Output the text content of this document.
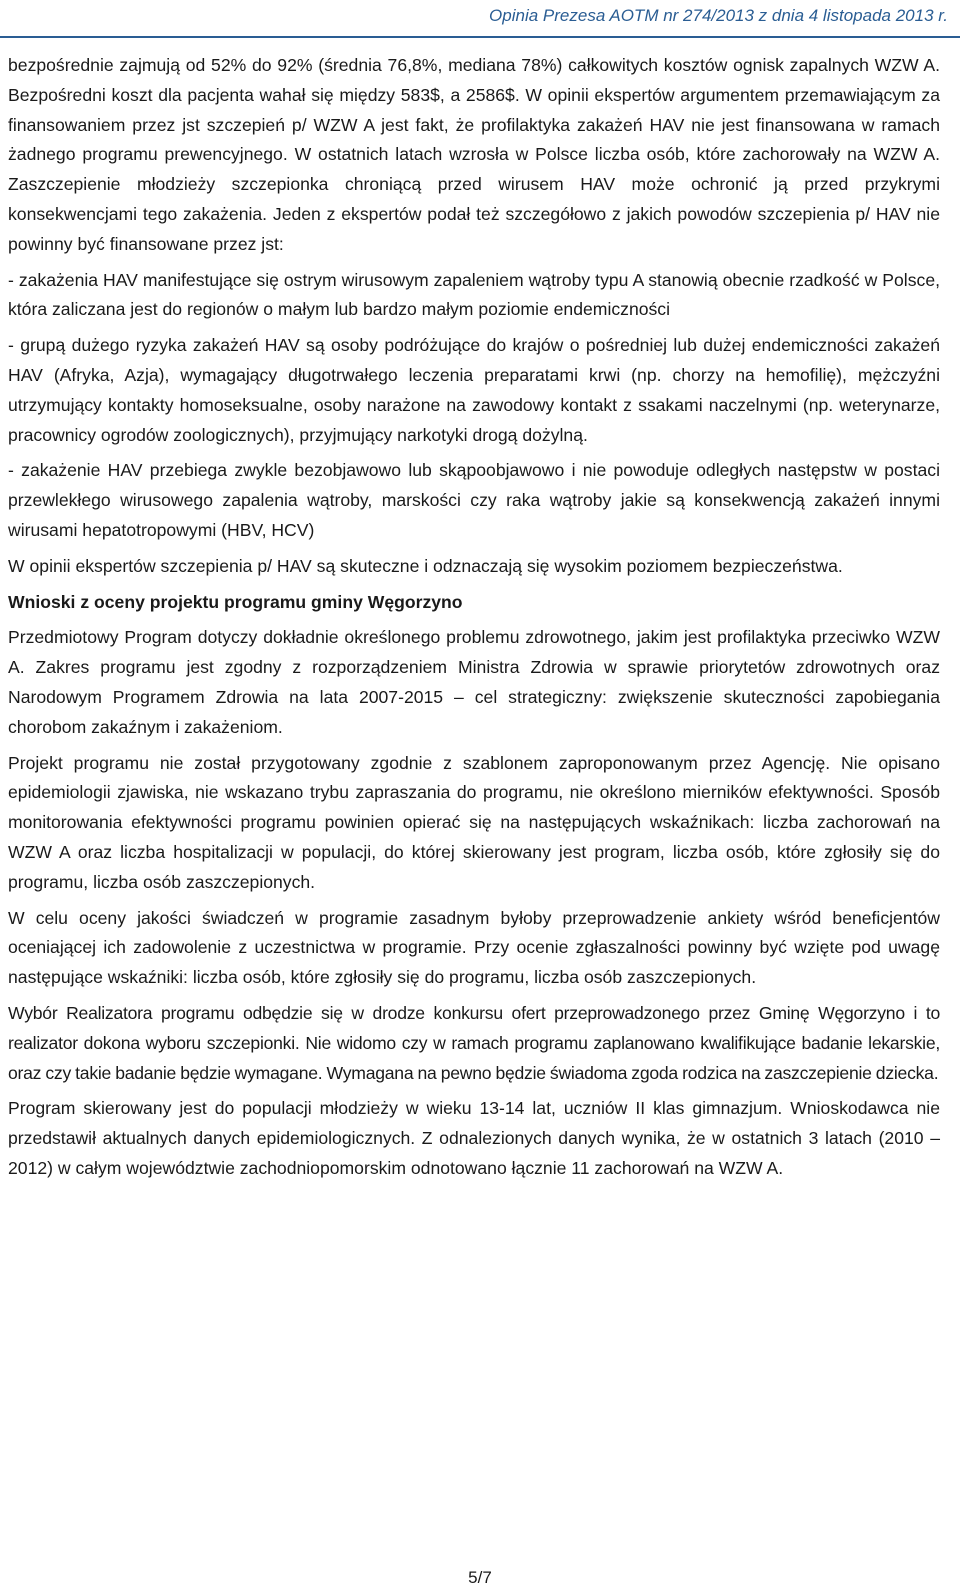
Opinia Prezesa AOTM nr 274/2013 z dnia 4 listopada 2013 r.

bezpośrednie zajmują od 52% do 92% (średnia 76,8%, mediana 78%) całkowitych kosztów ognisk zapalnych WZW A. Bezpośredni koszt dla pacjenta wahał się między 583$, a 2586$. W opinii ekspertów argumentem przemawiającym za finansowaniem przez jst szczepień p/ WZW A jest fakt, że profilaktyka zakażeń HAV nie jest finansowana w ramach żadnego programu prewencyjnego. W ostatnich latach wzrosła w Polsce liczba osób, które zachorowały na WZW A. Zaszczepienie młodzieży szczepionka chroniącą przed wirusem HAV może ochronić ją przed przykrymi konsekwencjami tego zakażenia. Jeden z ekspertów podał też szczegółowo z jakich powodów szczepienia p/ HAV nie powinny być finansowane przez jst:

- zakażenia HAV manifestujące się ostrym wirusowym zapaleniem wątroby typu A stanowią obecnie rzadkość w Polsce, która zaliczana jest do regionów o małym lub bardzo małym poziomie endemiczności

- grupą dużego ryzyka zakażeń HAV są osoby podróżujące do krajów o pośredniej lub dużej endemiczności zakażeń HAV (Afryka, Azja), wymagający długotrwałego leczenia preparatami krwi (np. chorzy na hemofilię), mężczyźni utrzymujący kontakty homoseksualne, osoby narażone na zawodowy kontakt z ssakami naczelnymi (np. weterynarze, pracownicy ogrodów zoologicznych), przyjmujący narkotyki drogą dożylną.

- zakażenie HAV przebiega zwykle bezobjawowo lub skąpoobjawowo i nie powoduje odległych następstw w postaci przewlekłego wirusowego zapalenia wątroby, marskości czy raka wątroby jakie są konsekwencją zakażeń innymi wirusami hepatotropowymi (HBV, HCV)

W opinii ekspertów szczepienia p/ HAV są skuteczne i odznaczają się wysokim poziomem bezpieczeństwa.

Wnioski z oceny projektu programu gminy Węgorzyno

Przedmiotowy Program dotyczy dokładnie określonego problemu zdrowotnego, jakim jest profilaktyka przeciwko WZW A. Zakres programu jest zgodny z rozporządzeniem Ministra Zdrowia w sprawie priorytetów zdrowotnych oraz Narodowym Programem Zdrowia na lata 2007-2015 – cel strategiczny: zwiększenie skuteczności zapobiegania chorobom zakaźnym i zakażeniom.

Projekt programu nie został przygotowany zgodnie z szablonem zaproponowanym przez Agencję. Nie opisano epidemiologii zjawiska, nie wskazano trybu zapraszania do programu, nie określono mierników efektywności. Sposób monitorowania efektywności programu powinien opierać się na następujących wskaźnikach: liczba zachorowań na WZW A oraz liczba hospitalizacji w populacji, do której skierowany jest program, liczba osób, które zgłosiły się do programu, liczba osób zaszczepionych.

W celu oceny jakości świadczeń w programie zasadnym byłoby przeprowadzenie ankiety wśród beneficjentów oceniającej ich zadowolenie z uczestnictwa w programie. Przy ocenie zgłaszalności powinny być wzięte pod uwagę następujące wskaźniki: liczba osób, które zgłosiły się do programu, liczba osób zaszczepionych.

Wybór Realizatora programu odbędzie się w drodze konkursu ofert przeprowadzonego przez Gminę Węgorzyno i to realizator dokona wyboru szczepionki. Nie widomo czy w ramach programu zaplanowano kwalifikujące badanie lekarskie, oraz czy takie badanie będzie wymagane. Wymagana na pewno będzie świadoma zgoda rodzica na zaszczepienie dziecka.

Program skierowany jest do populacji młodzieży w wieku 13-14 lat, uczniów II klas gimnazjum. Wnioskodawca nie przedstawił aktualnych danych epidemiologicznych. Z odnalezionych danych wynika, że w ostatnich 3 latach (2010 – 2012) w całym województwie zachodniopomorskim odnotowano łącznie 11 zachorowań na WZW A.

5/7
